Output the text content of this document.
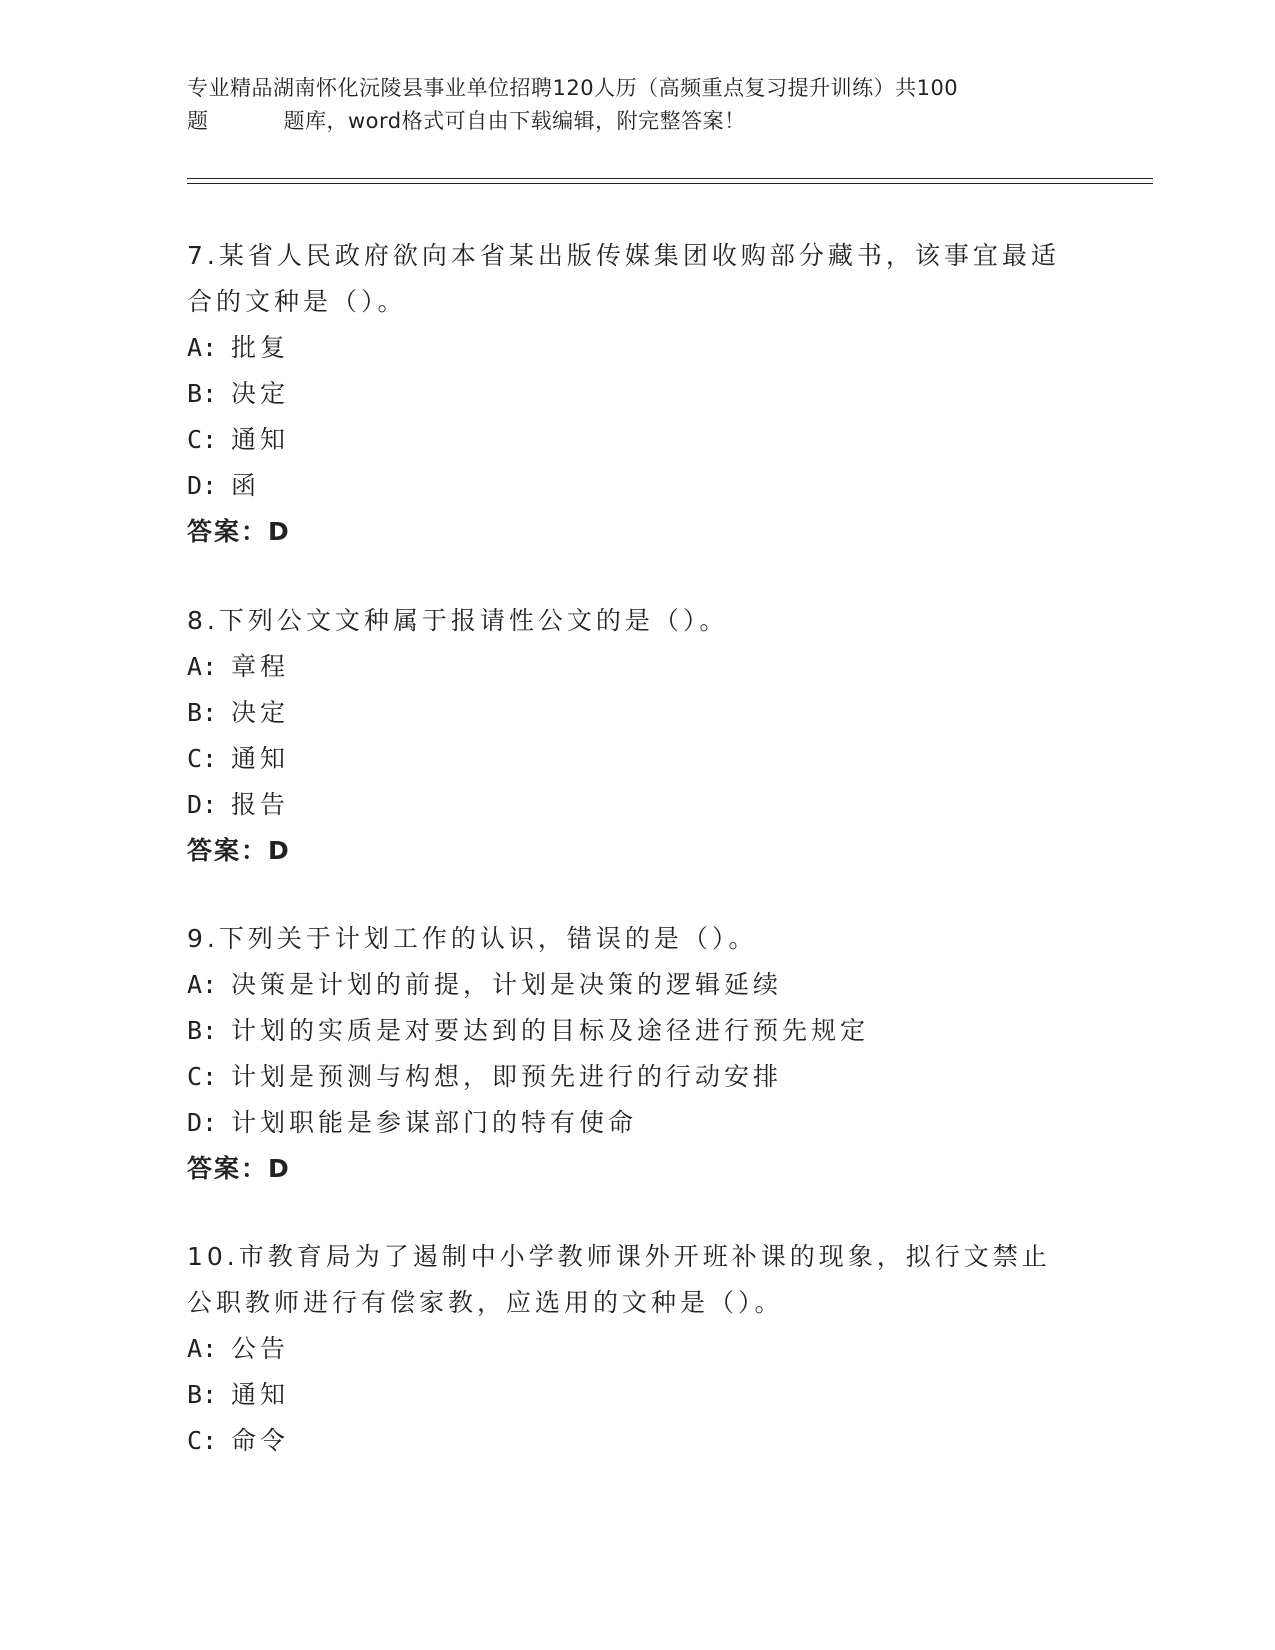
专业精品湖南怀化沅陵县事业单位招聘120人历（高频重点复习提升训练）共100
题	题库，word格式可自由下载编辑，附完整答案！

7.某省人民政府欲向本省某出版传媒集团收购部分藏书，该事宜最适合的文种是（）。

A: 批复

B: 决定

C: 通知

D: 函

答案：D

8.下列公文文种属于报请性公文的是（）。

A: 章程

B: 决定

C: 通知

D: 报告

答案：D

9.下列关于计划工作的认识，错误的是（）。

A: 决策是计划的前提，计划是决策的逻辑延续

B: 计划的实质是对要达到的目标及途径进行预先规定

C: 计划是预测与构想，即预先进行的行动安排

D: 计划职能是参谋部门的特有使命

答案：D

10.市教育局为了遏制中小学教师课外开班补课的现象，拟行文禁止公职教师进行有偿家教，应选用的文种是（）。

A: 公告

B: 通知

C: 命令
